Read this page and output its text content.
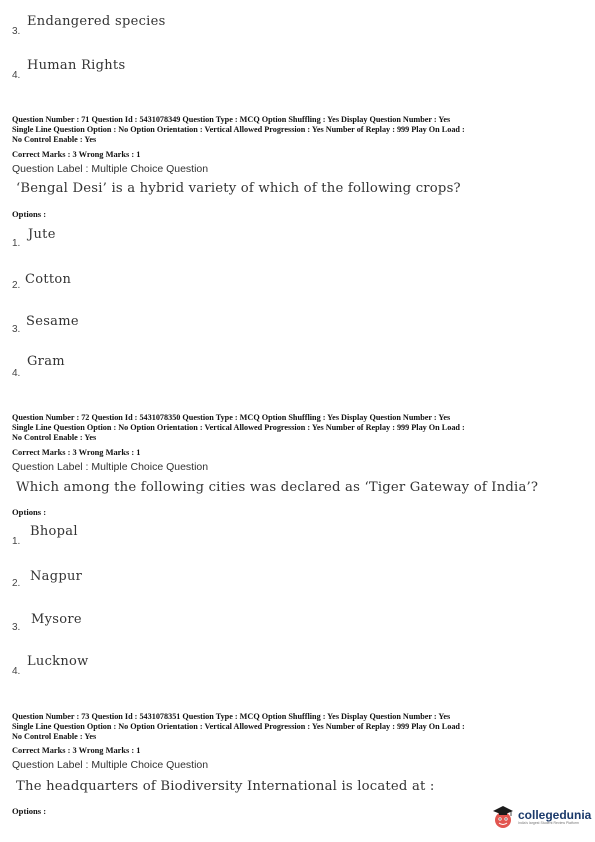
Endangered species
3.
Human Rights
4.
Question Number : 71 Question Id : 5431078349 Question Type : MCQ Option Shuffling : Yes Display Question Number : Yes
Single Line Question Option : No Option Orientation : Vertical Allowed Progression : Yes Number of Replay : 999 Play On Load :
No Control Enable : Yes
Correct Marks : 3 Wrong Marks : 1
Question Label : Multiple Choice Question
‘Bengal Desi’ is a hybrid variety of which of the following crops?
Options :
Jute
1.
Cotton
2.
Sesame
3.
Gram
4.
Question Number : 72 Question Id : 5431078350 Question Type : MCQ Option Shuffling : Yes Display Question Number : Yes
Single Line Question Option : No Option Orientation : Vertical Allowed Progression : Yes Number of Replay : 999 Play On Load :
No Control Enable : Yes
Correct Marks : 3 Wrong Marks : 1
Question Label : Multiple Choice Question
Which among the following cities was declared as ‘Tiger Gateway of India’?
Options :
Bhopal
1.
Nagpur
2.
Mysore
3.
Lucknow
4.
Question Number : 73 Question Id : 5431078351 Question Type : MCQ Option Shuffling : Yes Display Question Number : Yes
Single Line Question Option : No Option Orientation : Vertical Allowed Progression : Yes Number of Replay : 999 Play On Load :
No Control Enable : Yes
Correct Marks : 3 Wrong Marks : 1
Question Label : Multiple Choice Question
The headquarters of Biodiversity International is located at :
Options :	collegedunia
India's largest Student Review Platform
